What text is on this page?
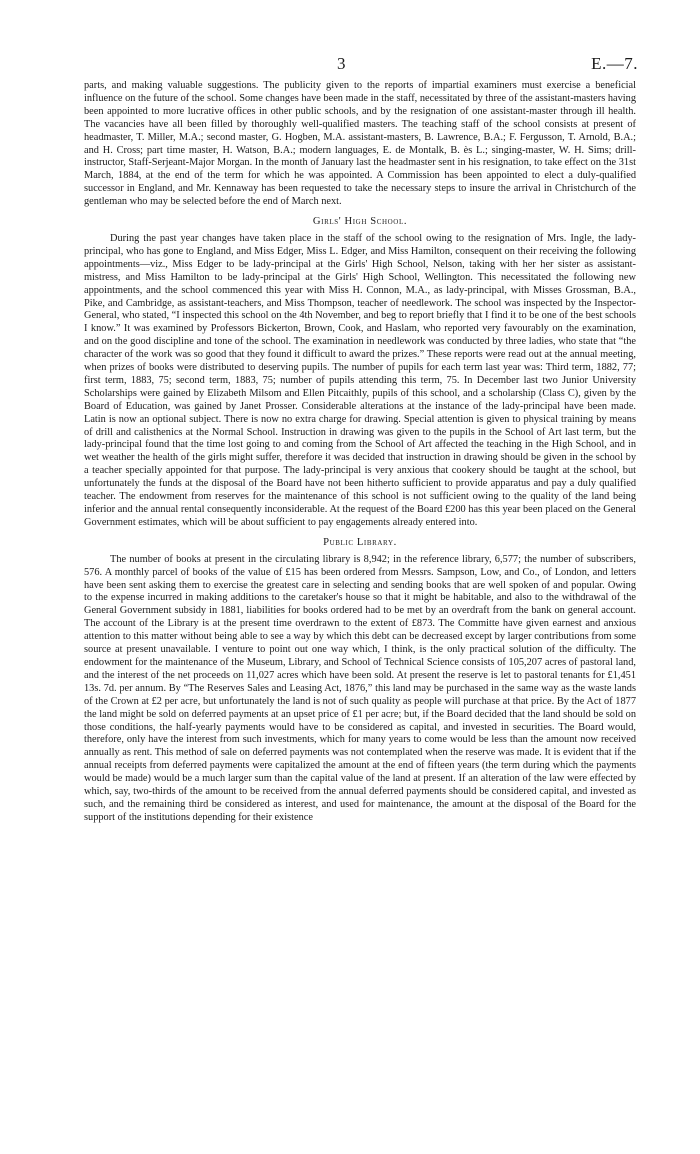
3	E.—7.

parts, and making valuable suggestions. The publicity given to the reports of impartial examiners must exercise a beneficial influence on the future of the school. Some changes have been made in the staff, necessitated by three of the assistant-masters having been appointed to more lucrative offices in other public schools, and by the resignation of one assistant-master through ill health. The vacancies have all been filled by thoroughly well-qualified masters. The teaching staff of the school consists at present of headmaster, T. Miller, M.A.; second master, G. Hogben, M.A. assistant-masters, B. Lawrence, B.A.; F. Fergusson, T. Arnold, B.A.; and H. Cross; part time master, H. Watson, B.A.; modern languages, E. de Montalk, B. ès L.; singing-master, W. H. Sims; drill-instructor, Staff-Serjeant-Major Morgan. In the month of January last the headmaster sent in his resignation, to take effect on the 31st March, 1884, at the end of the term for which he was appointed. A Commission has been appointed to elect a duly-qualified successor in England, and Mr. Kennaway has been requested to take the necessary steps to insure the arrival in Christchurch of the gentleman who may be selected before the end of March next.

Girls' High School.

During the past year changes have taken place in the staff of the school owing to the resignation of Mrs. Ingle, the lady-principal, who has gone to England, and Miss Edger, Miss L. Edger, and Miss Hamilton, consequent on their receiving the following appointments—viz., Miss Edger to be lady-principal at the Girls' High School, Nelson, taking with her her sister as assistant-mistress, and Miss Hamilton to be lady-principal at the Girls' High School, Wellington. This necessitated the following new appointments, and the school commenced this year with Miss H. Connon, M.A., as lady-principal, with Misses Grossman, B.A., Pike, and Cambridge, as assistant-teachers, and Miss Thompson, teacher of needlework. The school was inspected by the Inspector-General, who stated, “I inspected this school on the 4th November, and beg to report briefly that I find it to be one of the best schools I know.” It was examined by Professors Bickerton, Brown, Cook, and Haslam, who reported very favourably on the examination, and on the good discipline and tone of the school. The examination in needlework was conducted by three ladies, who state that “the character of the work was so good that they found it difficult to award the prizes.” These reports were read out at the annual meeting, when prizes of books were distributed to deserving pupils. The number of pupils for each term last year was: Third term, 1882, 77; first term, 1883, 75; second term, 1883, 75; number of pupils attending this term, 75. In December last two Junior University Scholarships were gained by Elizabeth Milsom and Ellen Pitcaithly, pupils of this school, and a scholarship (Class C), given by the Board of Education, was gained by Janet Prosser. Considerable alterations at the instance of the lady-principal have been made. Latin is now an optional subject. There is now no extra charge for drawing. Special attention is given to physical training by means of drill and calisthenics at the Normal School. Instruction in drawing was given to the pupils in the School of Art last term, but the lady-principal found that the time lost going to and coming from the School of Art affected the teaching in the High School, and in wet weather the health of the girls might suffer, therefore it was decided that instruction in drawing should be given in the school by a teacher specially appointed for that purpose. The lady-principal is very anxious that cookery should be taught at the school, but unfortunately the funds at the disposal of the Board have not been hitherto sufficient to provide apparatus and pay a duly qualified teacher. The endowment from reserves for the maintenance of this school is not sufficient owing to the quality of the land being inferior and the annual rental consequently inconsiderable. At the request of the Board £200 has this year been placed on the General Government estimates, which will be about sufficient to pay engagements already entered into.

Public Library.

The number of books at present in the circulating library is 8,942; in the reference library, 6,577; the number of subscribers, 576. A monthly parcel of books of the value of £15 has been ordered from Messrs. Sampson, Low, and Co., of London, and letters have been sent asking them to exercise the greatest care in selecting and sending books that are well spoken of and popular. Owing to the expense incurred in making additions to the caretaker's house so that it might be habitable, and also to the withdrawal of the General Government subsidy in 1881, liabilities for books ordered had to be met by an overdraft from the bank on general account. The account of the Library is at the present time overdrawn to the extent of £873. The Committe have given earnest and anxious attention to this matter without being able to see a way by which this debt can be decreased except by larger contributions from some source at present unavailable. I venture to point out one way which, I think, is the only practical solution of the difficulty. The endowment for the maintenance of the Museum, Library, and School of Technical Science consists of 105,207 acres of pastoral land, and the interest of the net proceeds on 11,027 acres which have been sold. At present the reserve is let to pastoral tenants for £1,451 13s. 7d. per annum. By “The Reserves Sales and Leasing Act, 1876,” this land may be purchased in the same way as the waste lands of the Crown at £2 per acre, but unfortunately the land is not of such quality as people will purchase at that price. By the Act of 1877 the land might be sold on deferred payments at an upset price of £1 per acre; but, if the Board decided that the land should be sold on those conditions, the half-yearly payments would have to be considered as capital, and invested in securities. The Board would, therefore, only have the interest from such investments, which for many years to come would be less than the amount now received annually as rent. This method of sale on deferred payments was not contemplated when the reserve was made. It is evident that if the annual receipts from deferred payments were capitalized the amount at the end of fifteen years (the term during which the payments would be made) would be a much larger sum than the capital value of the land at present. If an alteration of the law were effected by which, say, two-thirds of the amount to be received from the annual deferred payments should be considered capital, and invested as such, and the remaining third be considered as interest, and used for maintenance, the amount at the disposal of the Board for the support of the institutions depending for their existence
